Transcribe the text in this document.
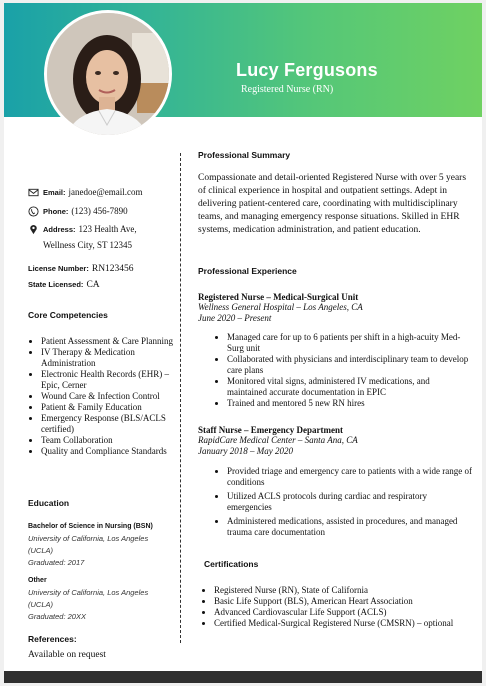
Lucy Fergusons
Registered Nurse (RN)
Email: janedoe@email.com
Phone: (123) 456-7890
Address: 123 Health Ave,
Wellness City, ST 12345
License Number: RN123456
State Licensed: CA
Core Competencies
• Patient Assessment & Care Planning
• IV Therapy & Medication Administration
• Electronic Health Records (EHR) – Epic, Cerner
• Wound Care & Infection Control
• Patient & Family Education
• Emergency Response (BLS/ACLS certified)
• Team Collaboration
• Quality and Compliance Standards
Education
Bachelor of Science in Nursing (BSN)
University of California, Los Angeles
(UCLA)
Graduated: 2017
Other
University of California, Los Angeles
(UCLA)
Graduated: 20XX
References:
Available on request
Professional Summary
Compassionate and detail-oriented Registered Nurse with over 5 years of clinical experience in hospital and outpatient settings. Adept in delivering patient-centered care, coordinating with multidisciplinary teams, and managing emergency response situations. Skilled in EHR systems, medication administration, and patient education.
Professional Experience
Registered Nurse – Medical-Surgical Unit
Wellness General Hospital – Los Angeles, CA
June 2020 – Present
• Managed care for up to 6 patients per shift in a high-acuity Med-Surg unit
• Collaborated with physicians and interdisciplinary team to develop care plans
• Monitored vital signs, administered IV medications, and maintained accurate documentation in EPIC
• Trained and mentored 5 new RN hires
Staff Nurse – Emergency Department
RapidCare Medical Center – Santa Ana, CA
January 2018 – May 2020
• Provided triage and emergency care to patients with a wide range of conditions
• Utilized ACLS protocols during cardiac and respiratory emergencies
• Administered medications, assisted in procedures, and managed trauma care documentation
Certifications
• Registered Nurse (RN), State of California
• Basic Life Support (BLS), American Heart Association
• Advanced Cardiovascular Life Support (ACLS)
• Certified Medical-Surgical Registered Nurse (CMSRN) – optional
